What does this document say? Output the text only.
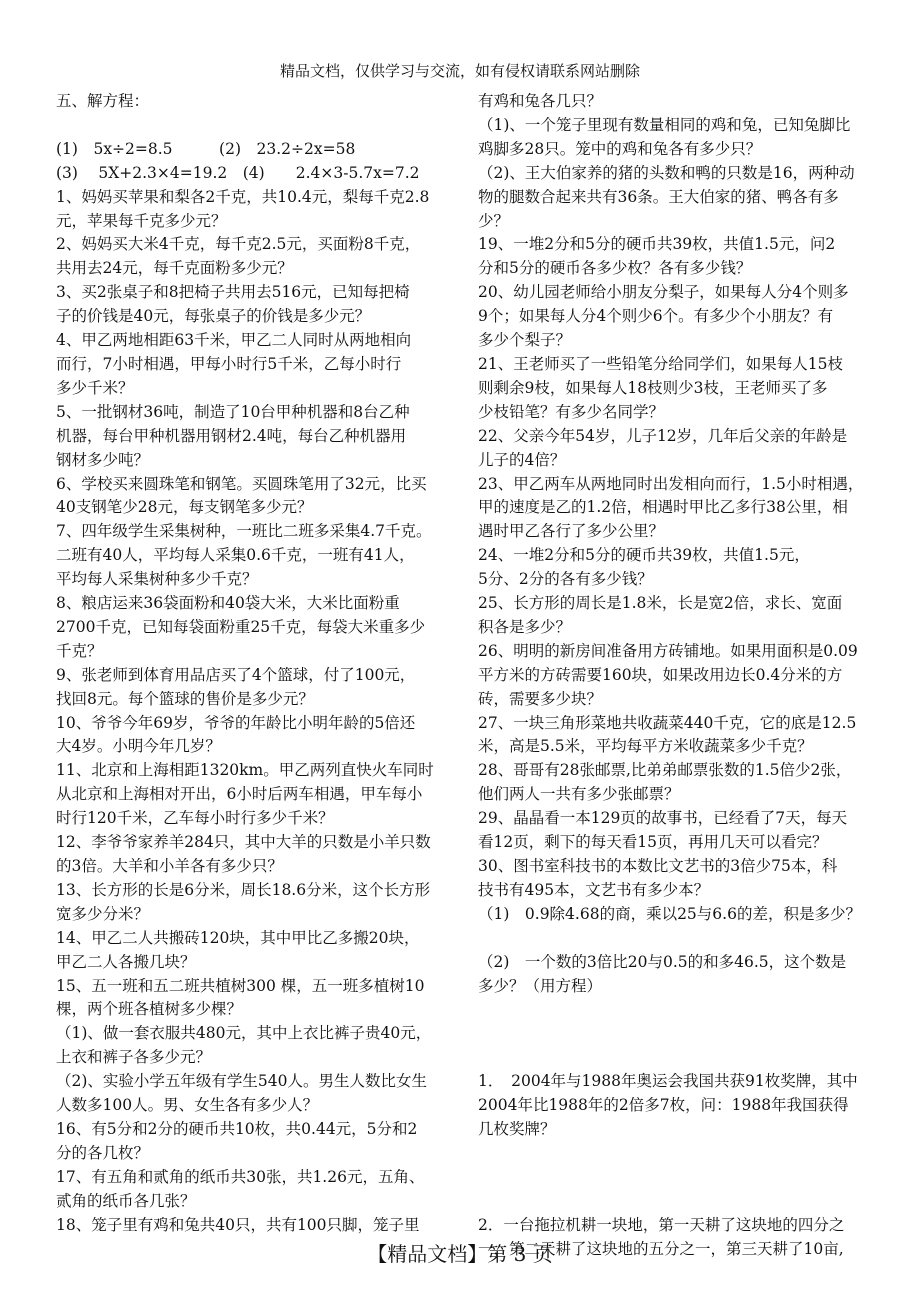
精品文档，仅供学习与交流，如有侵权请联系网站删除

五、解方程：

(1)　5x÷2=8.5　　　(2)　23.2÷2x=58

(3)　 5X+2.3×4=19.2　(4)　　2.4×3-5.7x=7.2

1、妈妈买苹果和梨各2千克，共10.4元，梨每千克2.8

元，苹果每千克多少元？

2、妈妈买大米4千克，每千克2.5元，买面粉8千克，

共用去24元，每千克面粉多少元？

3、买2张桌子和8把椅子共用去516元，已知每把椅

子的价钱是40元，每张桌子的价钱是多少元？

4、甲乙两地相距63千米，甲乙二人同时从两地相向

而行，7小时相遇，甲每小时行5千米，乙每小时行

多少千米？

5、一批钢材36吨，制造了10台甲种机器和8台乙种

机器，每台甲种机器用钢材2.4吨，每台乙种机器用

钢材多少吨？

6、学校买来圆珠笔和钢笔。买圆珠笔用了32元，比买

40支钢笔少28元，每支钢笔多少元？

7、四年级学生采集树种，一班比二班多采集4.7千克。

二班有40人，平均每人采集0.6千克，一班有41人，

平均每人采集树种多少千克？

8、粮店运来36袋面粉和40袋大米，大米比面粉重

2700千克，已知每袋面粉重25千克，每袋大米重多少

千克？

9、张老师到体育用品店买了4个篮球，付了100元，

找回8元。每个篮球的售价是多少元？

10、爷爷今年69岁，爷爷的年龄比小明年龄的5倍还

大4岁。小明今年几岁？

11、北京和上海相距1320km。甲乙两列直快火车同时

从北京和上海相对开出，6小时后两车相遇，甲车每小

时行120千米，乙车每小时行多少千米？

12、李爷爷家养羊284只，其中大羊的只数是小羊只数

的3倍。大羊和小羊各有多少只？

13、长方形的长是6分米，周长18.6分米，这个长方形

宽多少分米？

14、甲乙二人共搬砖120块，其中甲比乙多搬20块，

甲乙二人各搬几块？

15、五一班和五二班共植树300 棵，五一班多植树10

棵，两个班各植树多少棵？

（1)、做一套衣服共480元，其中上衣比裤子贵40元，

上衣和裤子各多少元？

（2)、实验小学五年级有学生540人。男生人数比女生

人数多100人。男、女生各有多少人？

16、有5分和2分的硬币共10枚，共0.44元，5分和2

分的各几枚？

17、有五角和贰角的纸币共30张，共1.26元，五角、

贰角的纸币各几张？

18、笼子里有鸡和兔共40只，共有100只脚，笼子里

有鸡和兔各几只？

（1)、一个笼子里现有数量相同的鸡和兔，已知兔脚比

鸡脚多28只。笼中的鸡和兔各有多少只？

（2)、王大伯家养的猪的头数和鸭的只数是16，两种动

物的腿数合起来共有36条。王大伯家的猪、鸭各有多

少？

19、一堆2分和5分的硬币共39枚，共值1.5元，问2

分和5分的硬币各多少枚？各有多少钱？

20、幼儿园老师给小朋友分梨子，如果每人分4个则多

9个；如果每人分4个则少6个。有多少个小朋友？有

多少个梨子？

21、王老师买了一些铅笔分给同学们，如果每人15枝

则剩余9枝，如果每人18枝则少3枝，王老师买了多

少枝铅笔？有多少名同学？

22、父亲今年54岁，儿子12岁，几年后父亲的年龄是

儿子的4倍？

23、甲乙两车从两地同时出发相向而行，1.5小时相遇，

甲的速度是乙的1.2倍，相遇时甲比乙多行38公里，相

遇时甲乙各行了多少公里？

24、一堆2分和5分的硬币共39枚，共值1.5元，

5分、2分的各有多少钱？

25、长方形的周长是1.8米，长是宽2倍，求长、宽面

积各是多少？

26、明明的新房间准备用方砖铺地。如果用面积是0.09

平方米的方砖需要160块，如果改用边长0.4分米的方

砖，需要多少块？

27、一块三角形菜地共收蔬菜440千克，它的底是12.5

米，高是5.5米，平均每平方米收蔬菜多少千克？

28、哥哥有28张邮票,比弟弟邮票张数的1.5倍少2张，

他们两人一共有多少张邮票？

29、晶晶看一本129页的故事书，已经看了7天，每天

看12页，剩下的每天看15页，再用几天可以看完？

30、图书室科技书的本数比文艺书的3倍少75本，科

技书有495本，文艺书有多少本？

（1)　0.9除4.68的商，乘以25与6.6的差，积是多少？

（2)　一个数的3倍比20与0.5的和多46.5，这个数是

多少？（用方程）

1．　2004年与1988年奥运会我国共获91枚奖牌，其中

2004年比1988年的2倍多7枚，问：1988年我国获得

几枚奖牌？

2．一台拖拉机耕一块地，第一天耕了这块地的四分之

一，第二天耕了这块地的五分之一，第三天耕了10亩,

【精品文档】第 3 页
